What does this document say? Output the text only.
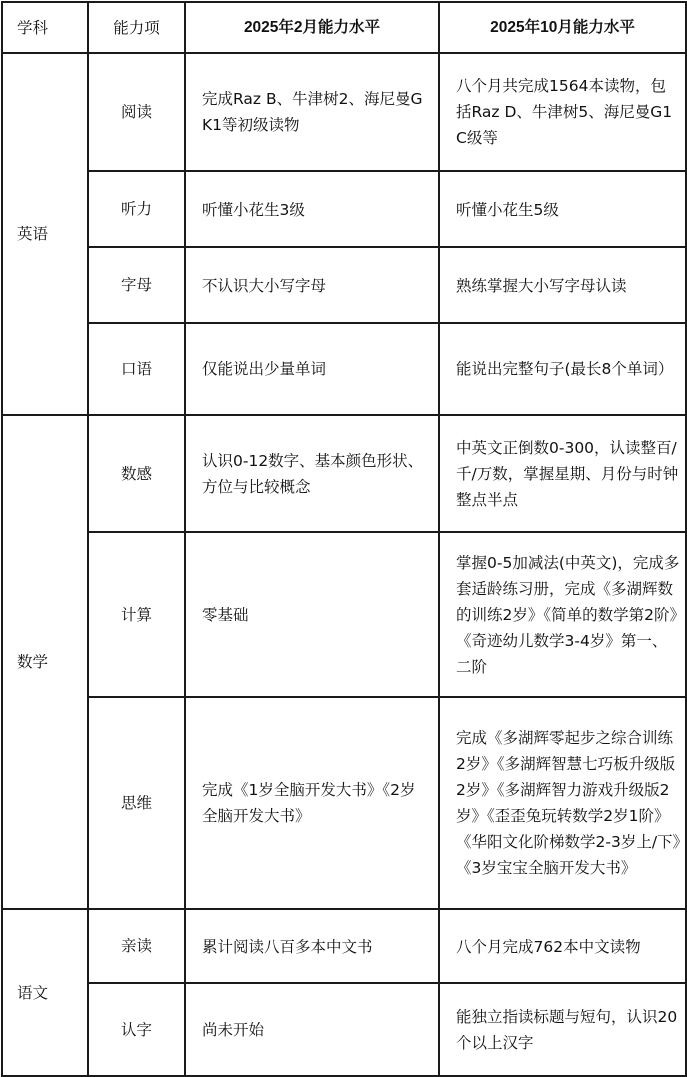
学科	能力项	2025年2月能力水平	2025年10月能力水平
英语	阅读	完成Raz B、牛津树2、海尼曼GK1等初级读物	八个月共完成1564本读物，包括Raz D、牛津树5、海尼曼G1 C级等
	听力	听懂小花生3级	听懂小花生5级
	字母	不认识大小写字母	熟练掌握大小写字母认读
	口语	仅能说出少量单词	能说出完整句子(最长8个单词）
数学	数感	认识0-12数字、基本颜色形状、方位与比较概念	中英文正倒数0-300，认读整百/千/万数，掌握星期、月份与时钟整点半点
	计算	零基础	掌握0-5加减法(中英文)，完成多套适龄练习册，完成《多湖辉数的训练2岁》《简单的数学第2阶》《奇迹幼儿数学3-4岁》第一、二阶
	思维	完成《1岁全脑开发大书》《2岁全脑开发大书》	完成《多湖辉零起步之综合训练2岁》《多湖辉智慧七巧板升级版2岁》《多湖辉智力游戏升级版2岁》《歪歪兔玩转数学2岁1阶》《华阳文化阶梯数学2-3岁上/下》《3岁宝宝全脑开发大书》
语文	亲读	累计阅读八百多本中文书	八个月完成762本中文读物
	认字	尚未开始	能独立指读标题与短句，认识20个以上汉字
